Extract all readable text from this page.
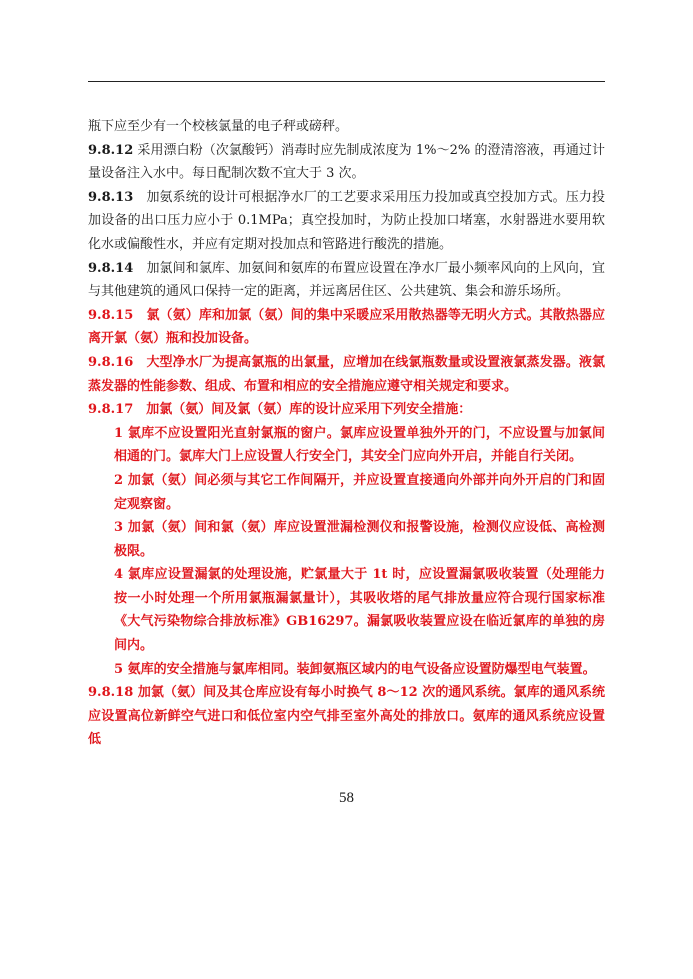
瓶下应至少有一个校核氯量的电子秤或磅秤。

9.8.12 采用漂白粉（次氯酸钙）消毒时应先制成浓度为 1%～2% 的澄清溶液，再通过计量设备注入水中。每日配制次数不宜大于 3 次。

9.8.13　加氨系统的设计可根据净水厂的工艺要求采用压力投加或真空投加方式。压力投加设备的出口压力应小于 0.1MPa；真空投加时，为防止投加口堵塞，水射器进水要用软化水或偏酸性水，并应有定期对投加点和管路进行酸洗的措施。

9.8.14　加氯间和氯库、加氨间和氨库的布置应设置在净水厂最小频率风向的上风向，宜与其他建筑的通风口保持一定的距离，并远离居住区、公共建筑、集会和游乐场所。

9.8.15　氯（氨）库和加氯（氨）间的集中采暖应采用散热器等无明火方式。其散热器应离开氯（氨）瓶和投加设备。

9.8.16　大型净水厂为提高氯瓶的出氯量，应增加在线氯瓶数量或设置液氯蒸发器。液氯蒸发器的性能参数、组成、布置和相应的安全措施应遵守相关规定和要求。

9.8.17　加氯（氨）间及氯（氨）库的设计应采用下列安全措施：

1 氯库不应设置阳光直射氯瓶的窗户。氯库应设置单独外开的门，不应设置与加氯间相通的门。氯库大门上应设置人行安全门，其安全门应向外开启，并能自行关闭。

2 加氯（氨）间必须与其它工作间隔开，并应设置直接通向外部并向外开启的门和固定观察窗。

3 加氯（氨）间和氯（氨）库应设置泄漏检测仪和报警设施，检测仪应设低、高检测极限。

4 氯库应设置漏氯的处理设施，贮氯量大于 1t 时，应设置漏氯吸收装置（处理能力按一小时处理一个所用氯瓶漏氯量计），其吸收塔的尾气排放量应符合现行国家标准《大气污染物综合排放标准》GB16297。漏氯吸收装置应设在临近氯库的单独的房间内。

5 氨库的安全措施与氯库相同。装卸氨瓶区域内的电气设备应设置防爆型电气装置。

9.8.18 加氯（氨）间及其仓库应设有每小时换气 8～12 次的通风系统。氯库的通风系统应设置高位新鲜空气进口和低位室内空气排至室外高处的排放口。氨库的通风系统应设置低

58
